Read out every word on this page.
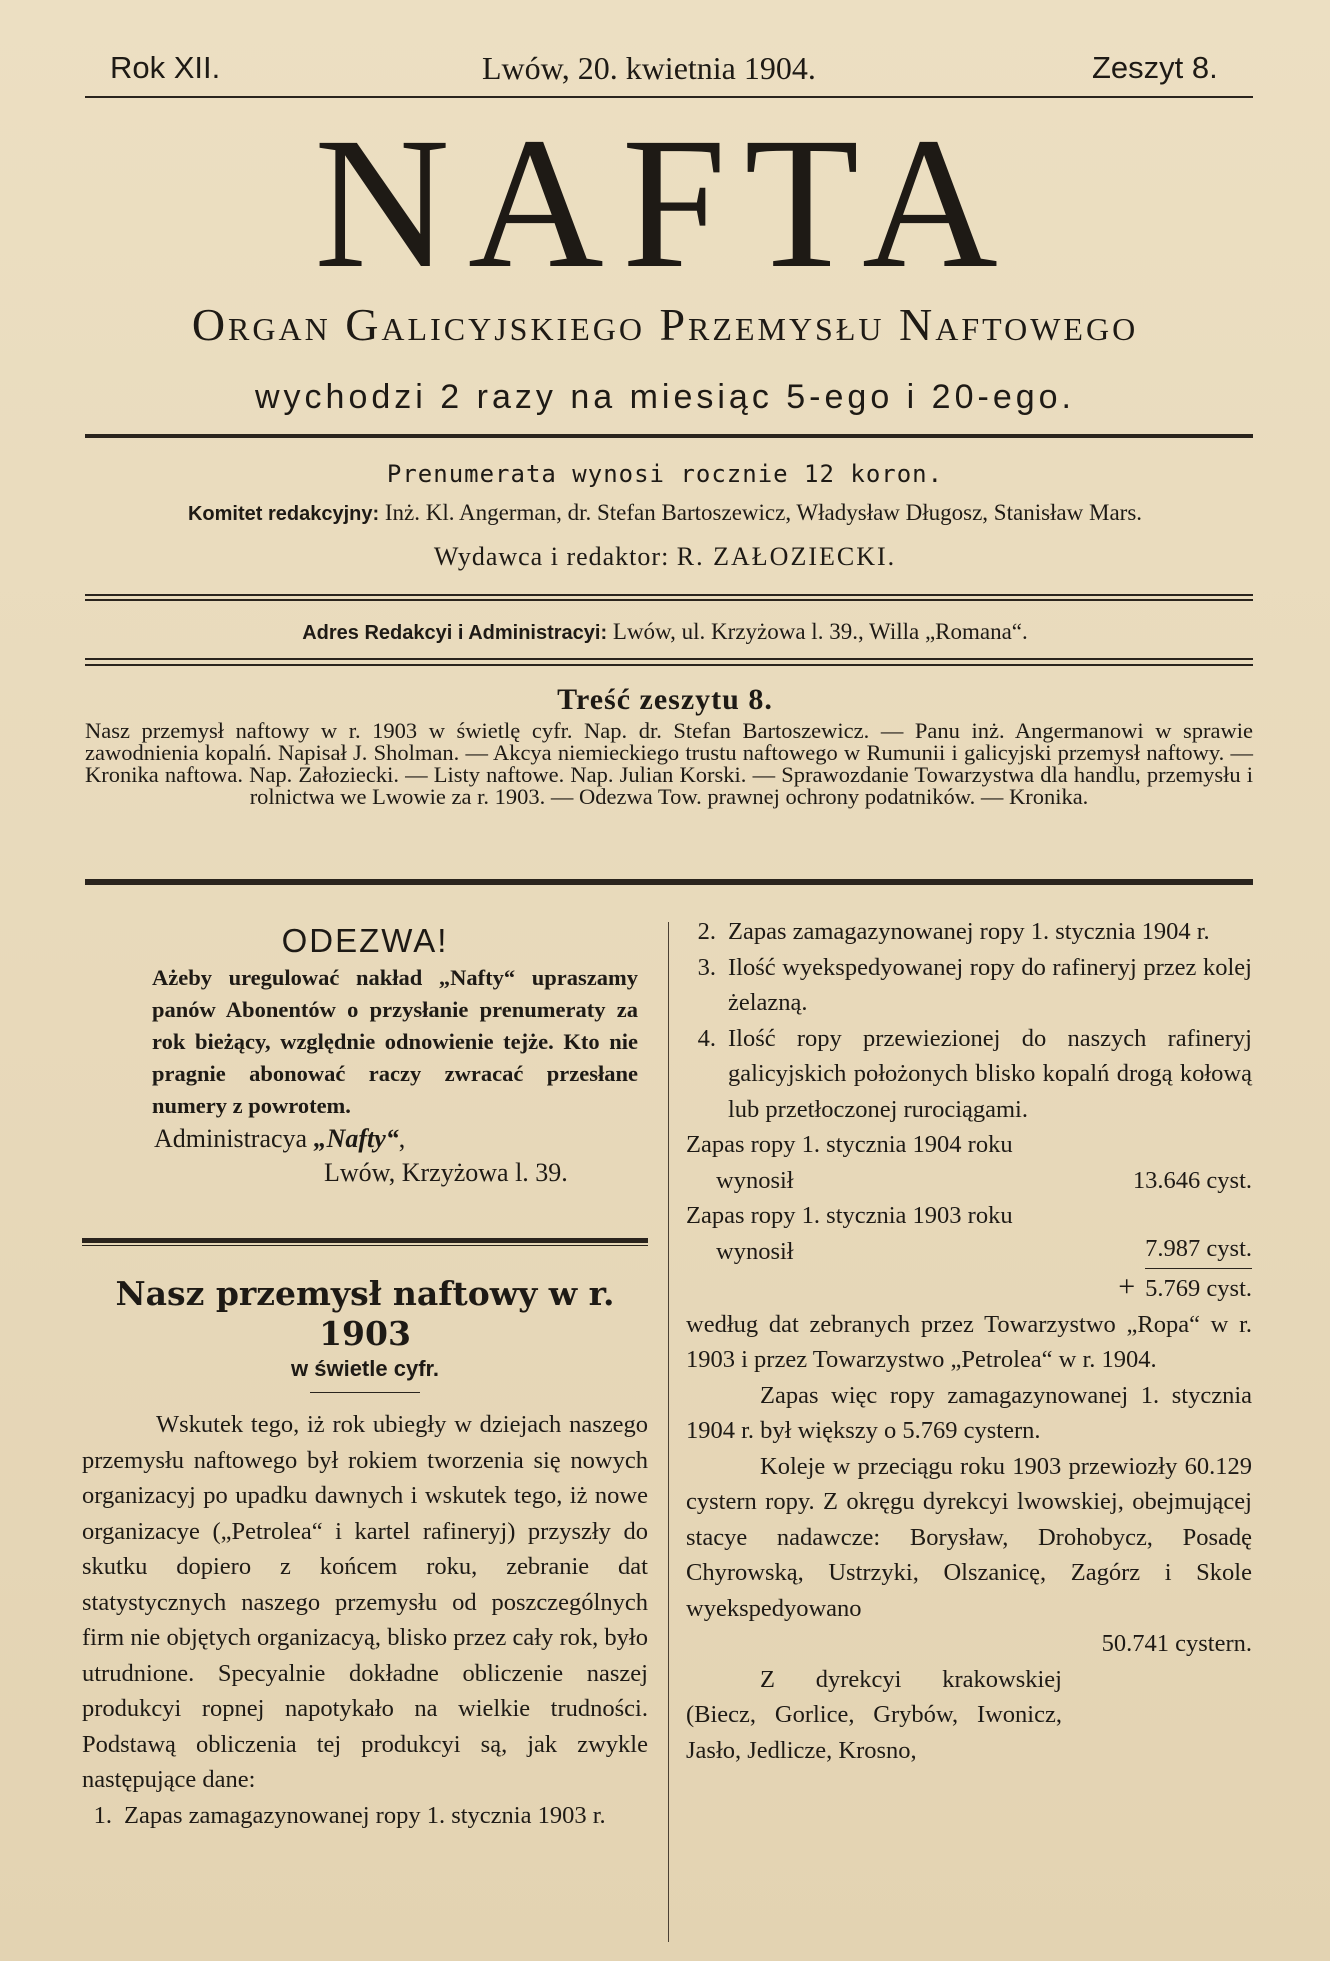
Rok XII.	Lwów, 20. kwietnia 1904.	Zeszyt 8.
NAFTA
Organ Galicyjskiego Przemysłu Naftowego
wychodzi 2 razy na miesiąc 5-ego i 20-ego.
Prenumerata wynosi rocznie 12 koron.
Komitet redakcyjny: Inż. Kl. Angerman, dr. Stefan Bartoszewicz, Władysław Długosz, Stanisław Mars.
Wydawca i redaktor: R. ZAŁOZIECKI.
Adres Redakcyi i Administracyi: Lwów, ul. Krzyżowa l. 39., Willa „Romana“.
Treść zeszytu 8.
Nasz przemysł naftowy w r. 1903 w świetlę cyfr. Nap. dr. Stefan Bartoszewicz. — Panu inż. Angermanowi w sprawie zawodnienia kopalń. Napisał J. Sholman. — Akcya niemieckiego trustu naftowego w Rumunii i galicyjski przemysł naftowy. — Kronika naftowa. Nap. Załoziecki. — Listy naftowe. Nap. Julian Korski. — Sprawozdanie Towarzystwa dla handlu, przemysłu i rolnictwa we Lwowie za r. 1903. — Odezwa Tow. prawnej ochrony podatników. — Kronika.
ODEZWA!

Ażeby uregulować nakład „Nafty“ upraszamy panów Abonentów o przysłanie prenumeraty za rok bieżący, względnie odnowienie tejże. Kto nie pragnie abonować raczy zwracać przesłane numery z powrotem.

Administracya „Nafty“,
Lwów, Krzyżowa l. 39.
Nasz przemysł naftowy w r. 1903
w świetle cyfr.

Wskutek tego, iż rok ubiegły w dziejach naszego przemysłu naftowego był rokiem tworzenia się nowych organizacyj po upadku dawnych i wskutek tego, iż nowe organizacye („Petrolea“ i kartel rafineryj) przyszły do skutku dopiero z końcem roku, zebranie dat statystycznych naszego przemysłu od poszczególnych firm nie objętych organizacyą, blisko przez cały rok, było utrudnione. Specyalnie dokładne obliczenie naszej produkcyi ropnej napotykało na wielkie trudności. Podstawą obliczenia tej produkcyi są, jak zwykle następujące dane:

1. Zapas zamagazynowanej ropy 1. stycznia 1903 r.
2. Zapas zamagazynowanej ropy 1. stycznia 1904 r.
3. Ilość wyekspedyowanej ropy do rafineryj przez kolej żelazną.
4. Ilość ropy przewiezionej do naszych rafineryj galicyjskich położonych blisko kopalń drogą kołową lub przetłoczonej rurociągami.
Zapas ropy 1. stycznia 1904 roku
wynosił	13.646 cyst.
Zapas ropy 1. stycznia 1903 roku
wynosił	7.987 cyst.
+ 5.769 cyst.

według dat zebranych przez Towarzystwo „Ropa“ w r. 1903 i przez Towarzystwo „Petrolea“ w r. 1904.

Zapas więc ropy zamagazynowanej 1. stycznia 1904 r. był większy o 5.769 cystern.

Koleje w przeciągu roku 1903 przewiozły 60.129 cystern ropy. Z okręgu dyrekcyi lwowskiej, obejmującej stacye nadawcze: Borysław, Drohobycz, Posadę Chyrowską, Ustrzyki, Olszanicę, Zagórz i Skole wyekspedyowano

50.741 cystern.

Z dyrekcyi krakowskiej (Biecz, Gorlice, Grybów, Iwonicz, Jasło, Jedlicze, Krosno,
